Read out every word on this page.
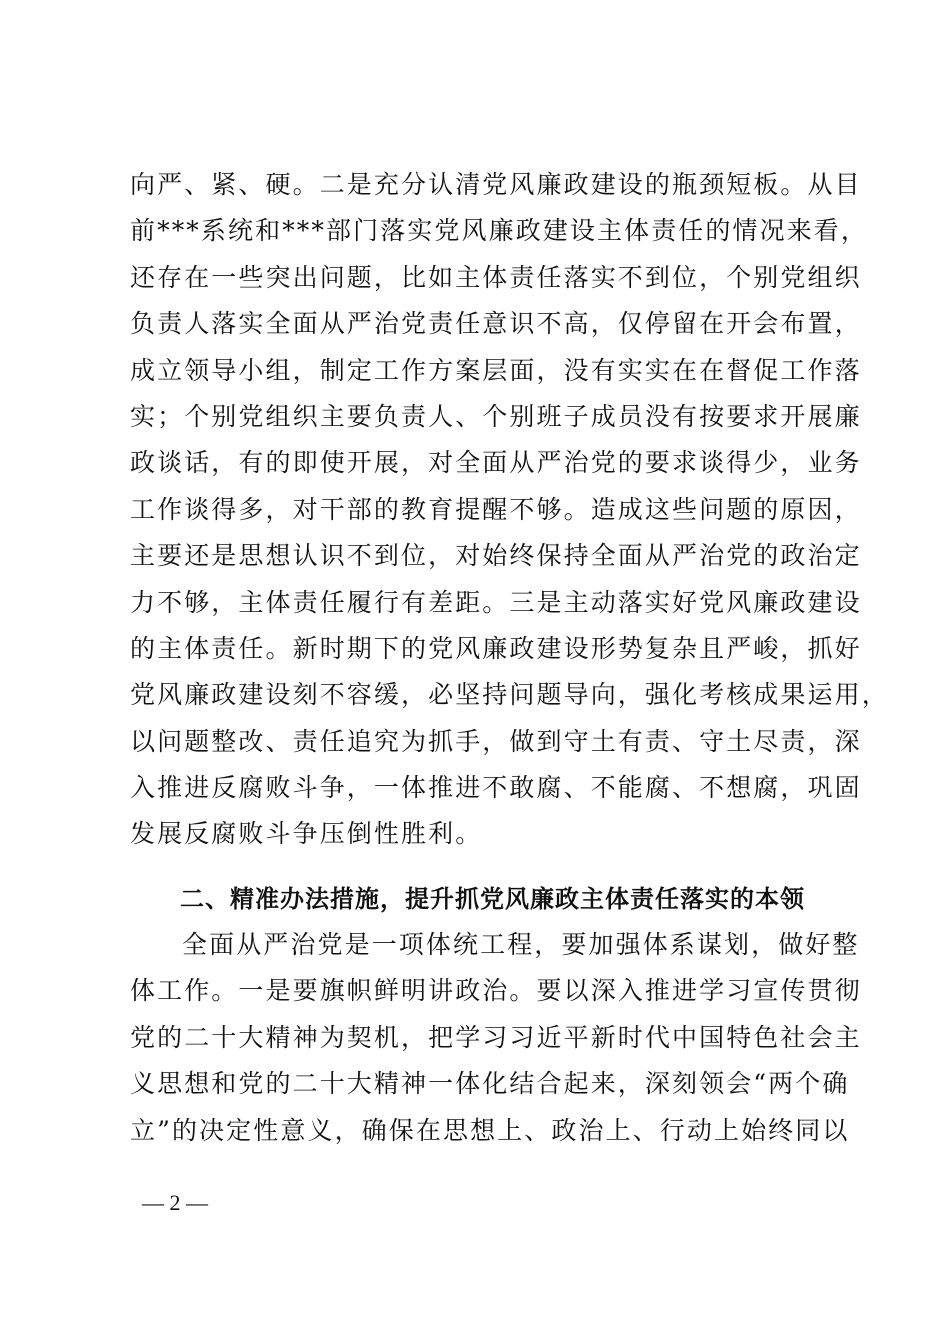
向严、紧、硬。二是充分认清党风廉政建设的瓶颈短板。从目
前***系统和***部门落实党风廉政建设主体责任的情况来看，
还存在一些突出问题，比如主体责任落实不到位，个别党组织
负责人落实全面从严治党责任意识不高，仅停留在开会布置，
成立领导小组，制定工作方案层面，没有实实在在督促工作落
实；个别党组织主要负责人、个别班子成员没有按要求开展廉
政谈话，有的即使开展，对全面从严治党的要求谈得少，业务
工作谈得多，对干部的教育提醒不够。造成这些问题的原因，
主要还是思想认识不到位，对始终保持全面从严治党的政治定
力不够，主体责任履行有差距。三是主动落实好党风廉政建设
的主体责任。新时期下的党风廉政建设形势复杂且严峻，抓好
党风廉政建设刻不容缓，必坚持问题导向，强化考核成果运用，
以问题整改、责任追究为抓手，做到守土有责、守土尽责，深
入推进反腐败斗争，一体推进不敢腐、不能腐、不想腐，巩固
发展反腐败斗争压倒性胜利。
二、精准办法措施，提升抓党风廉政主体责任落实的本领
全面从严治党是一项体统工程，要加强体系谋划，做好整
体工作。一是要旗帜鲜明讲政治。要以深入推进学习宣传贯彻
党的二十大精神为契机，把学习习近平新时代中国特色社会主
义思想和党的二十大精神一体化结合起来，深刻领会“两个确
立”的决定性意义，确保在思想上、政治上、行动上始终同以
— 2 —
